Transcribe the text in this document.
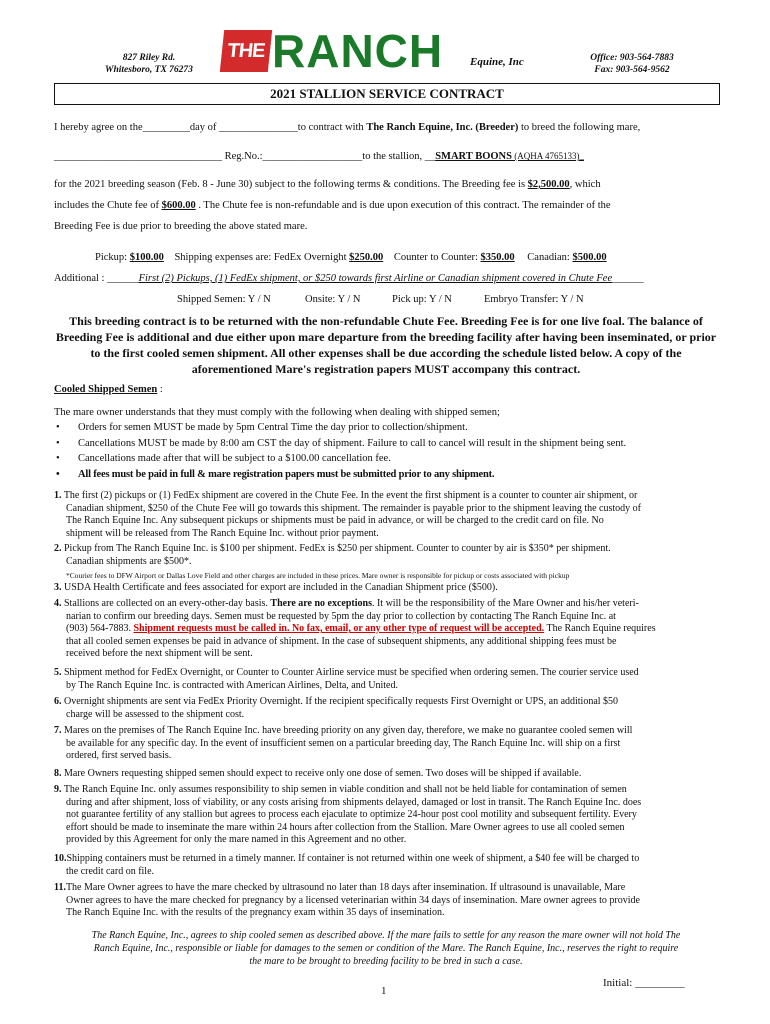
827 Riley Rd.
Whitesboro, TX 76273
THE RANCH Equine, Inc	Office: 903-564-7883
Fax: 903-564-9562
2021 STALLION SERVICE CONTRACT
I hereby agree on the_________day of _______________to contract with The Ranch Equine, Inc. (Breeder) to breed the following mare,
________________________________ Reg.No.:___________________to the stallion, __SMART BOONS (AQHA 4765133)_
for the 2021 breeding season (Feb. 8 - June 30) subject to the following terms & conditions. The Breeding fee is $2,500.00, which
includes the Chute fee of $600.00 . The Chute fee is non-refundable and is due upon execution of this contract. The remainder of the
Breeding Fee is due prior to breeding the above stated mare.
Pickup: $100.00 Shipping expenses are: FedEx Overnight $250.00 Counter to Counter: $350.00 Canadian: $500.00
Additional : ______First (2) Pickups, (1) FedEx shipment, or $250 towards first Airline or Canadian shipment covered in Chute Fee______
Shipped Semen: Y / N	Onsite: Y / N	Pick up: Y / N	Embryo Transfer: Y / N
This breeding contract is to be returned with the non-refundable Chute Fee. Breeding Fee is for one live foal. The balance of
Breeding Fee is additional and due either upon mare departure from the breeding facility after having been inseminated, or prior
to the first cooled semen shipment. All other expenses shall be due according the schedule listed below. A copy of the
aforementioned Mare's registration papers MUST accompany this contract.
Cooled Shipped Semen :
The mare owner understands that they must comply with the following when dealing with shipped semen;
• Orders for semen MUST be made by 5pm Central Time the day prior to collection/shipment.
• Cancellations MUST be made by 8:00 am CST the day of shipment. Failure to call to cancel will result in the shipment being sent.
• Cancellations made after that will be subject to a $100.00 cancellation fee.
• All fees must be paid in full & mare registration papers must be submitted prior to any shipment.
1. The first (2) pickups or (1) FedEx shipment are covered in the Chute Fee. In the event the first shipment is a counter to counter air shipment, or
Canadian shipment, $250 of the Chute Fee will go towards this shipment. The remainder is payable prior to the shipment leaving the custody of
The Ranch Equine Inc. Any subsequent pickups or shipments must be paid in advance, or will be charged to the credit card on file. No
shipment will be released from The Ranch Equine Inc. without prior payment.
2. Pickup from The Ranch Equine Inc. is $100 per shipment. FedEx is $250 per shipment. Counter to counter by air is $350* per shipment.
Canadian shipments are $500*.
*Courier fees to DFW Airport or Dallas Love Field and other charges are included in these prices. Mare owner is responsible for pickup or costs associated with pickup
3. USDA Health Certificate and fees associated for export are included in the Canadian Shipment price ($500).
4. Stallions are collected on an every-other-day basis. There are no exceptions. It will be the responsibility of the Mare Owner and his/her veteri-
narian to confirm our breeding days. Semen must be requested by 5pm the day prior to collection by contacting The Ranch Equine Inc. at
(903) 564-7883. Shipment requests must be called in. No fax, email, or any other type of request will be accepted. The Ranch Equine requires
that all cooled semen expenses be paid in advance of shipment. In the case of subsequent shipments, any additional shipping fees must be
received before the next shipment will be sent.
5. Shipment method for FedEx Overnight, or Counter to Counter Airline service must be specified when ordering semen. The courier service used
by The Ranch Equine Inc. is contracted with American Airlines, Delta, and United.
6. Overnight shipments are sent via FedEx Priority Overnight. If the recipient specifically requests First Overnight or UPS, an additional $50
charge will be assessed to the shipment cost.
7. Mares on the premises of The Ranch Equine Inc. have breeding priority on any given day, therefore, we make no guarantee cooled semen will
be available for any specific day. In the event of insufficient semen on a particular breeding day, The Ranch Equine Inc. will ship on a first
ordered, first served basis.
8. Mare Owners requesting shipped semen should expect to receive only one dose of semen. Two doses will be shipped if available.
9. The Ranch Equine Inc. only assumes responsibility to ship semen in viable condition and shall not be held liable for contamination of semen
during and after shipment, loss of viability, or any costs arising from shipments delayed, damaged or lost in transit. The Ranch Equine Inc. does
not guarantee fertility of any stallion but agrees to process each ejaculate to optimize 24-hour post cool motility and subsequent fertility. Every
effort should be made to inseminate the mare within 24 hours after collection from the Stallion. Mare Owner agrees to use all cooled semen
provided by this Agreement for only the mare named in this Agreement and no other.
10.Shipping containers must be returned in a timely manner. If container is not returned within one week of shipment, a $40 fee will be charged to
the credit card on file.
11.The Mare Owner agrees to have the mare checked by ultrasound no later than 18 days after insemination. If ultrasound is unavailable, Mare
Owner agrees to have the mare checked for pregnancy by a licensed veterinarian within 34 days of insemination. Mare owner agrees to provide
The Ranch Equine Inc. with the results of the pregnancy exam within 35 days of insemination.
The Ranch Equine, Inc., agrees to ship cooled semen as described above. If the mare fails to settle for any reason the mare owner will not hold The
Ranch Equine, Inc., responsible or liable for damages to the semen or condition of the Mare. The Ranch Equine, Inc., reserves the right to require
the mare to be brought to breeding facility to be bred in such a case.
1
Initial: _________
